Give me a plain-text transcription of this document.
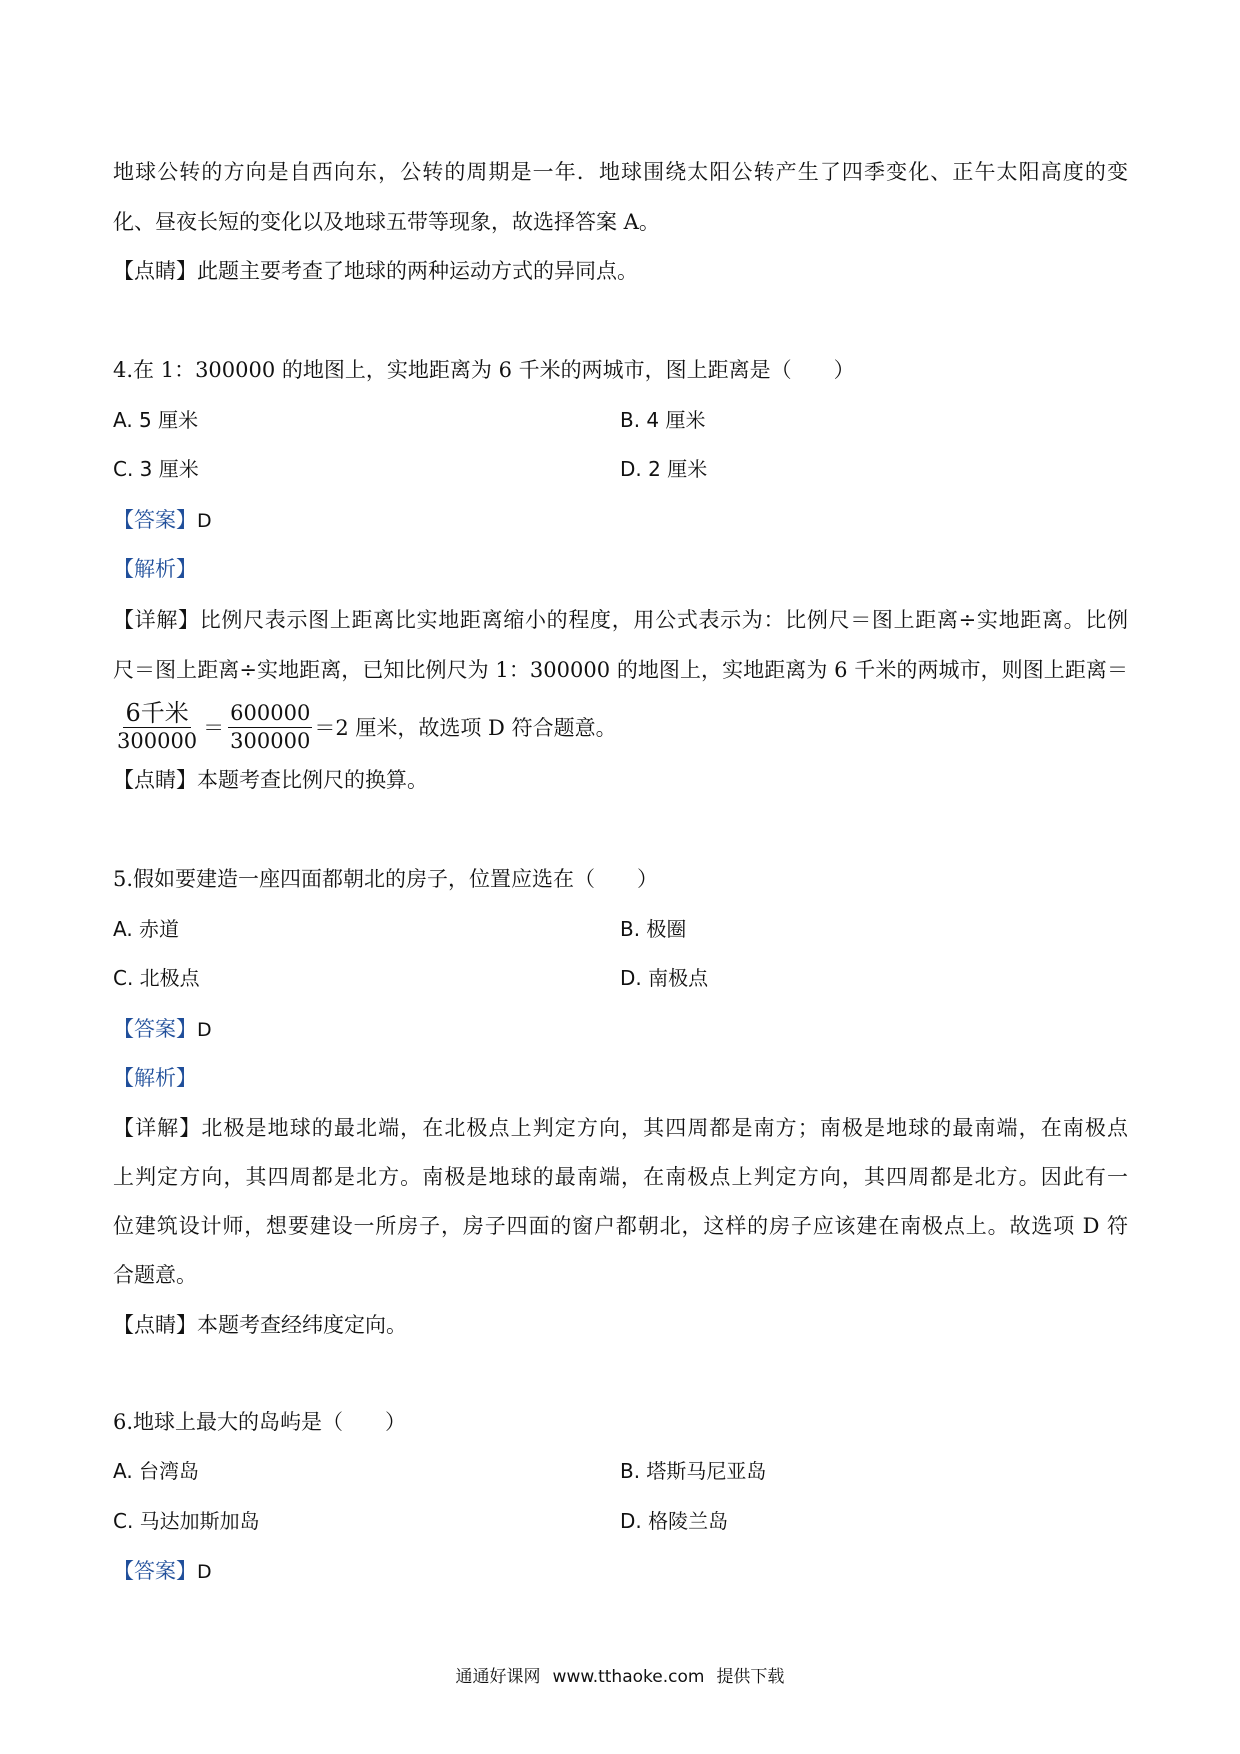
地球公转的方向是自西向东，公转的周期是一年．地球围绕太阳公转产生了四季变化、正午太阳高度的变
化、昼夜长短的变化以及地球五带等现象，故选择答案 A。
【点睛】此题主要考查了地球的两种运动方式的异同点。
4.在 1：300000 的地图上，实地距离为 6 千米的两城市，图上距离是（　　）
A. 5 厘米	B. 4 厘米
C. 3 厘米	D. 2 厘米
【答案】D
【解析】
【详解】比例尺表示图上距离比实地距离缩小的程度，用公式表示为：比例尺＝图上距离÷实地距离。比例
尺＝图上距离÷实地距离，已知比例尺为 1：300000 的地图上，实地距离为 6 千米的两城市，则图上距离＝
$\frac{\text{6千米}}{300000} = \frac{600000}{300000} =2$ 厘米，故选项 D 符合题意。
【点睛】本题考查比例尺的换算。
5.假如要建造一座四面都朝北的房子，位置应选在（　　）
A. 赤道	B. 极圈
C. 北极点	D. 南极点
【答案】D
【解析】
【详解】北极是地球的最北端，在北极点上判定方向，其四周都是南方；南极是地球的最南端，在南极点
上判定方向，其四周都是北方。南极是地球的最南端，在南极点上判定方向，其四周都是北方。因此有一
位建筑设计师，想要建设一所房子，房子四面的窗户都朝北，这样的房子应该建在南极点上。故选项 D 符
合题意。
【点睛】本题考查经纬度定向。
6.地球上最大的岛屿是（　　）
A. 台湾岛	B. 塔斯马尼亚岛
C. 马达加斯加岛	D. 格陵兰岛
【答案】D
通通好课网 www.tthaoke.com 提供下载
